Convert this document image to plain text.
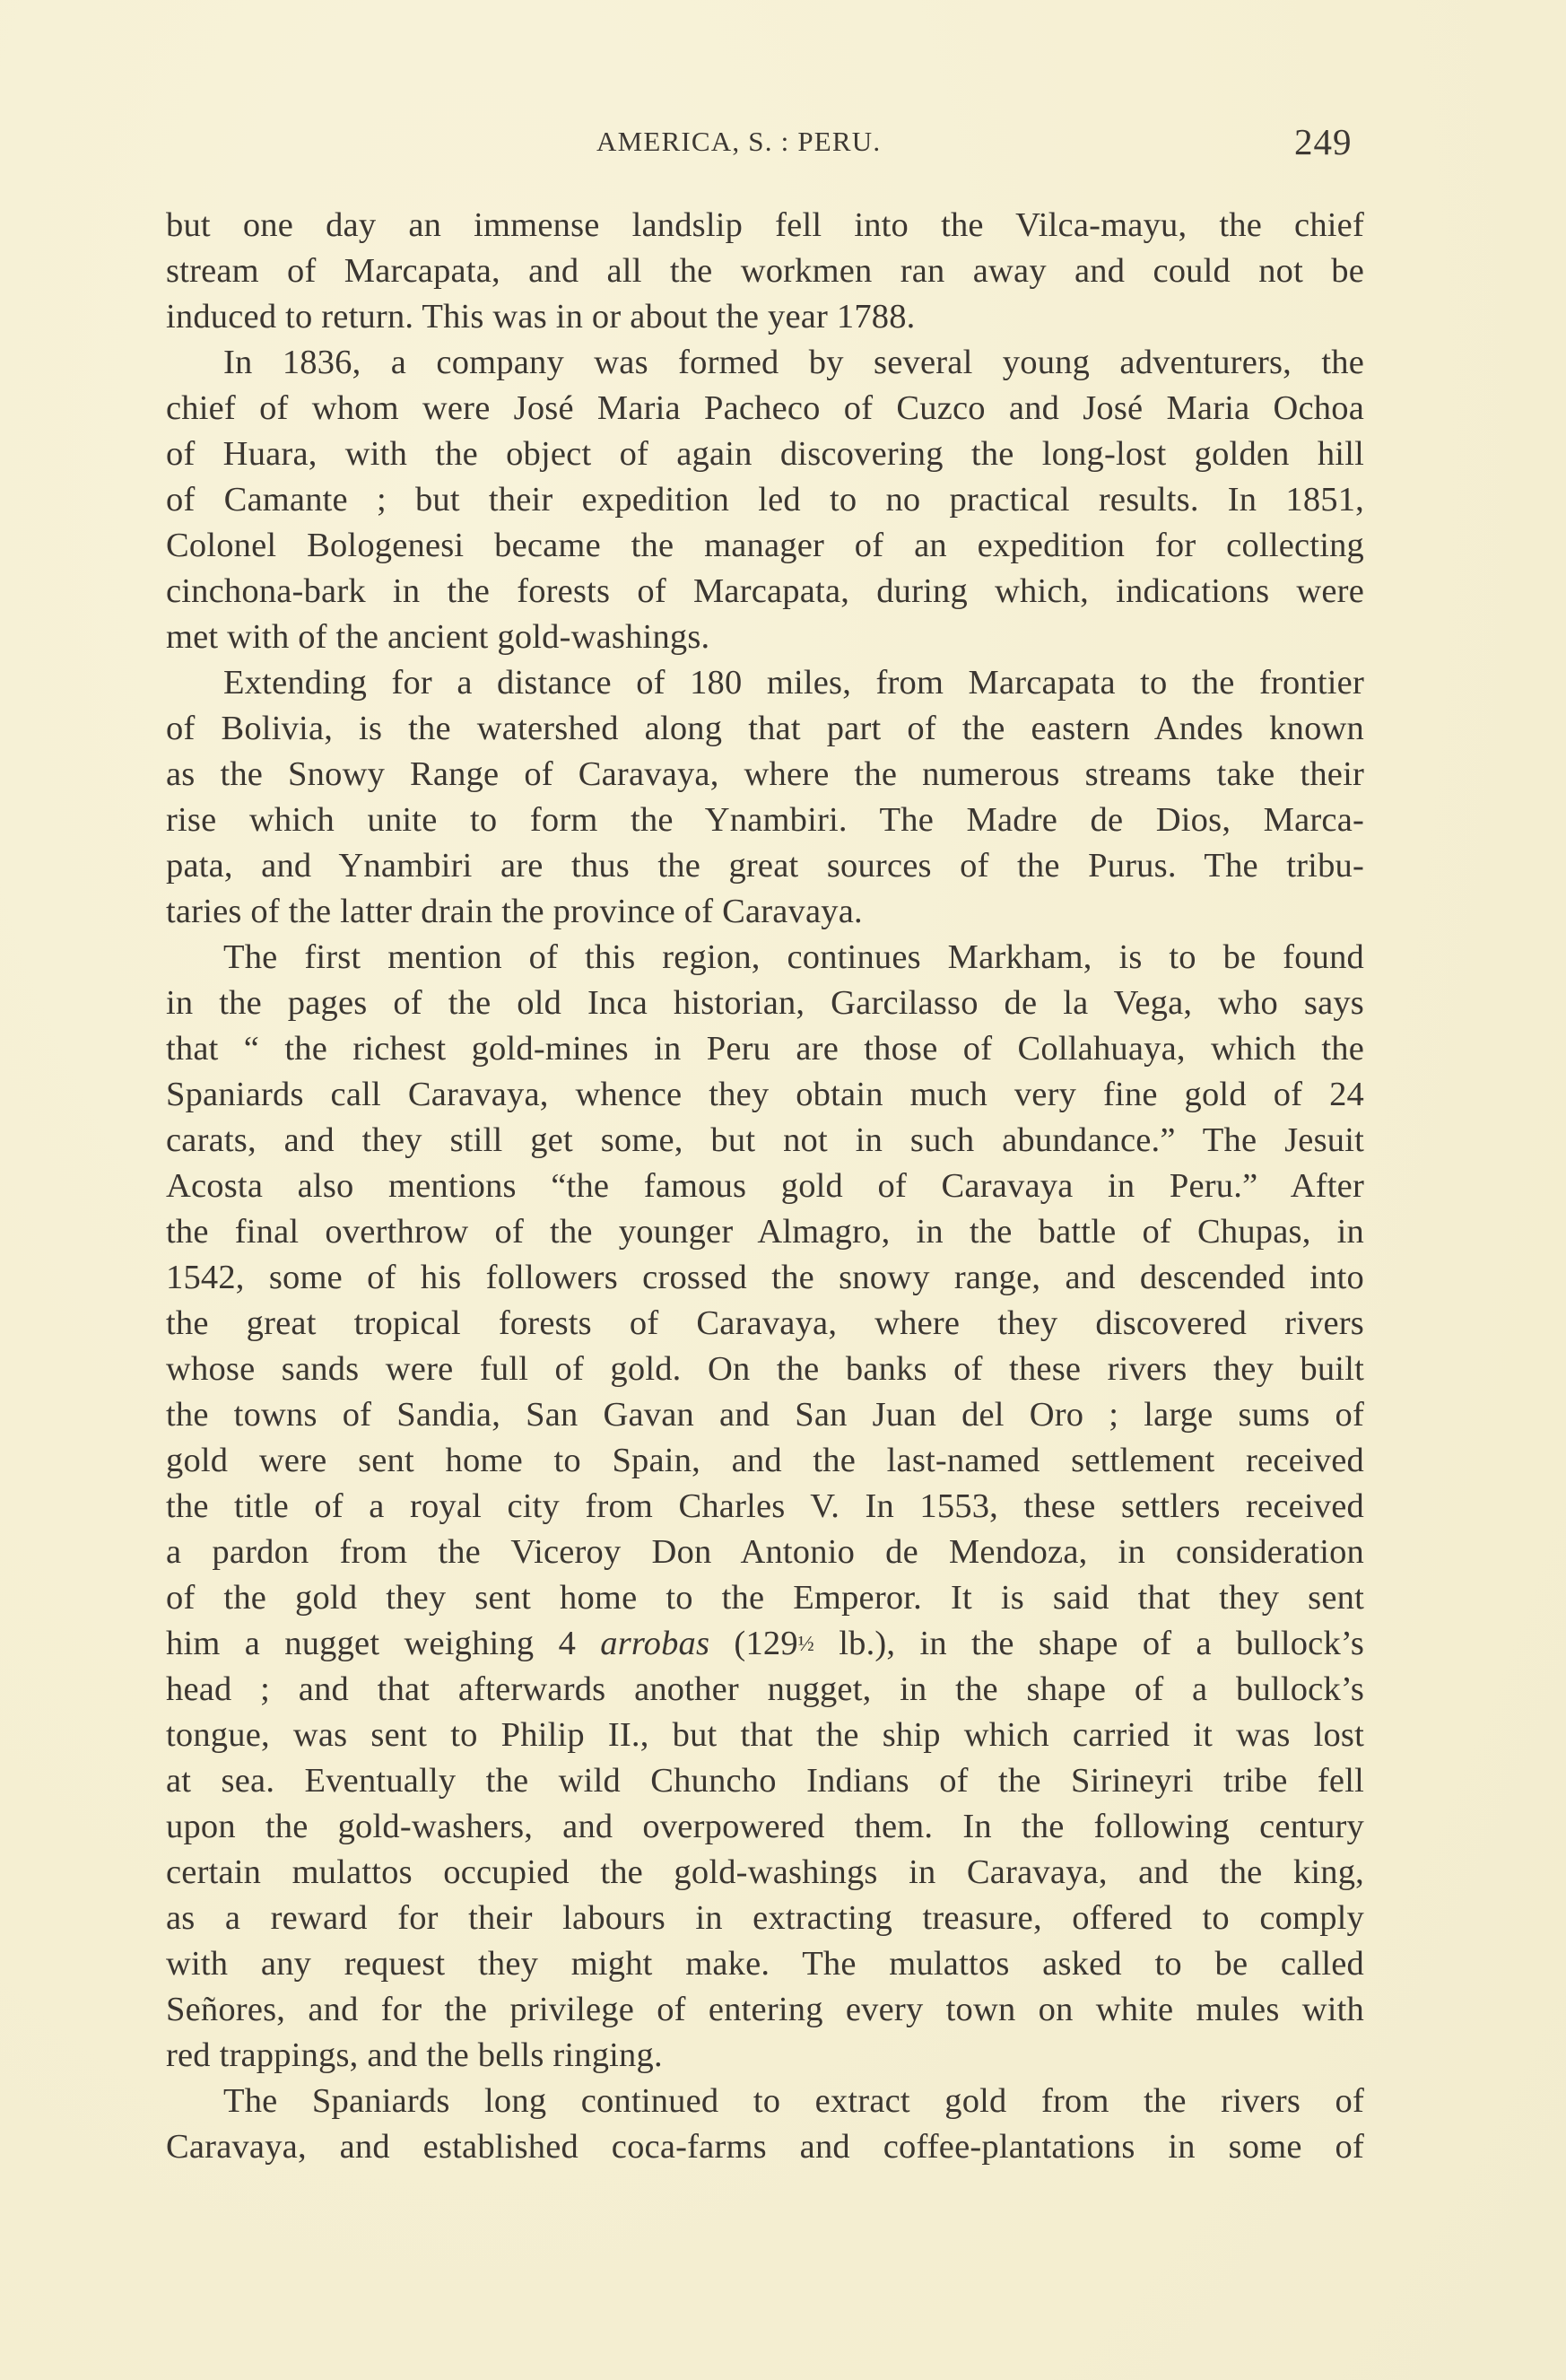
AMERICA, S. : PERU.	249
but one day an immense landslip fell into the Vilca-mayu, the chief
stream of Marcapata, and all the workmen ran away and could not be
induced to return. This was in or about the year 1788.
In 1836, a company was formed by several young adventurers, the
chief of whom were José Maria Pacheco of Cuzco and José Maria Ochoa
of Huara, with the object of again discovering the long-lost golden hill
of Camante ; but their expedition led to no practical results. In 1851,
Colonel Bologenesi became the manager of an expedition for collecting
cinchona-bark in the forests of Marcapata, during which, indications were
met with of the ancient gold-washings.
Extending for a distance of 180 miles, from Marcapata to the frontier
of Bolivia, is the watershed along that part of the eastern Andes known
as the Snowy Range of Caravaya, where the numerous streams take their
rise which unite to form the Ynambiri. The Madre de Dios, Marca-
pata, and Ynambiri are thus the great sources of the Purus. The tribu-
taries of the latter drain the province of Caravaya.
The first mention of this region, continues Markham, is to be found
in the pages of the old Inca historian, Garcilasso de la Vega, who says
that “ the richest gold-mines in Peru are those of Collahuaya, which the
Spaniards call Caravaya, whence they obtain much very fine gold of 24
carats, and they still get some, but not in such abundance.” The Jesuit
Acosta also mentions “the famous gold of Caravaya in Peru.” After
the final overthrow of the younger Almagro, in the battle of Chupas, in
1542, some of his followers crossed the snowy range, and descended into
the great tropical forests of Caravaya, where they discovered rivers
whose sands were full of gold. On the banks of these rivers they built
the towns of Sandia, San Gavan and San Juan del Oro ; large sums of
gold were sent home to Spain, and the last-named settlement received
the title of a royal city from Charles V. In 1553, these settlers received
a pardon from the Viceroy Don Antonio de Mendoza, in consideration
of the gold they sent home to the Emperor. It is said that they sent
him a nugget weighing 4 arrobas (129½ lb.), in the shape of a bullock’s
head ; and that afterwards another nugget, in the shape of a bullock’s
tongue, was sent to Philip II., but that the ship which carried it was lost
at sea. Eventually the wild Chuncho Indians of the Sirineyri tribe fell
upon the gold-washers, and overpowered them. In the following century
certain mulattos occupied the gold-washings in Caravaya, and the king,
as a reward for their labours in extracting treasure, offered to comply
with any request they might make. The mulattos asked to be called
Señores, and for the privilege of entering every town on white mules with
red trappings, and the bells ringing.
The Spaniards long continued to extract gold from the rivers of
Caravaya, and established coca-farms and coffee-plantations in some of
